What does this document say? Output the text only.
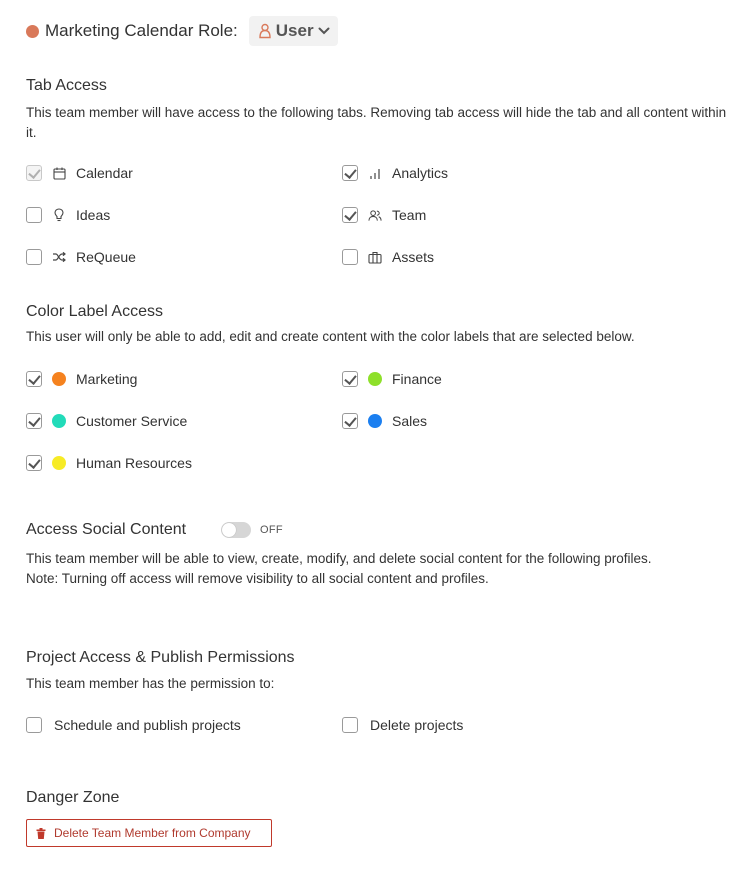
Marketing Calendar Role: User
Tab Access
This team member will have access to the following tabs. Removing tab access will hide the tab and all content within it.
Calendar	Analytics
Ideas	Team
ReQueue	Assets
Color Label Access
This user will only be able to add, edit and create content with the color labels that are selected below.
Marketing	Finance
Customer Service	Sales
Human Resources
Access Social Content	OFF
This team member will be able to view, create, modify, and delete social content for the following profiles.
Note: Turning off access will remove visibility to all social content and profiles.
Project Access & Publish Permissions
This team member has the permission to:
Schedule and publish projects	Delete projects
Danger Zone
Delete Team Member from Company
